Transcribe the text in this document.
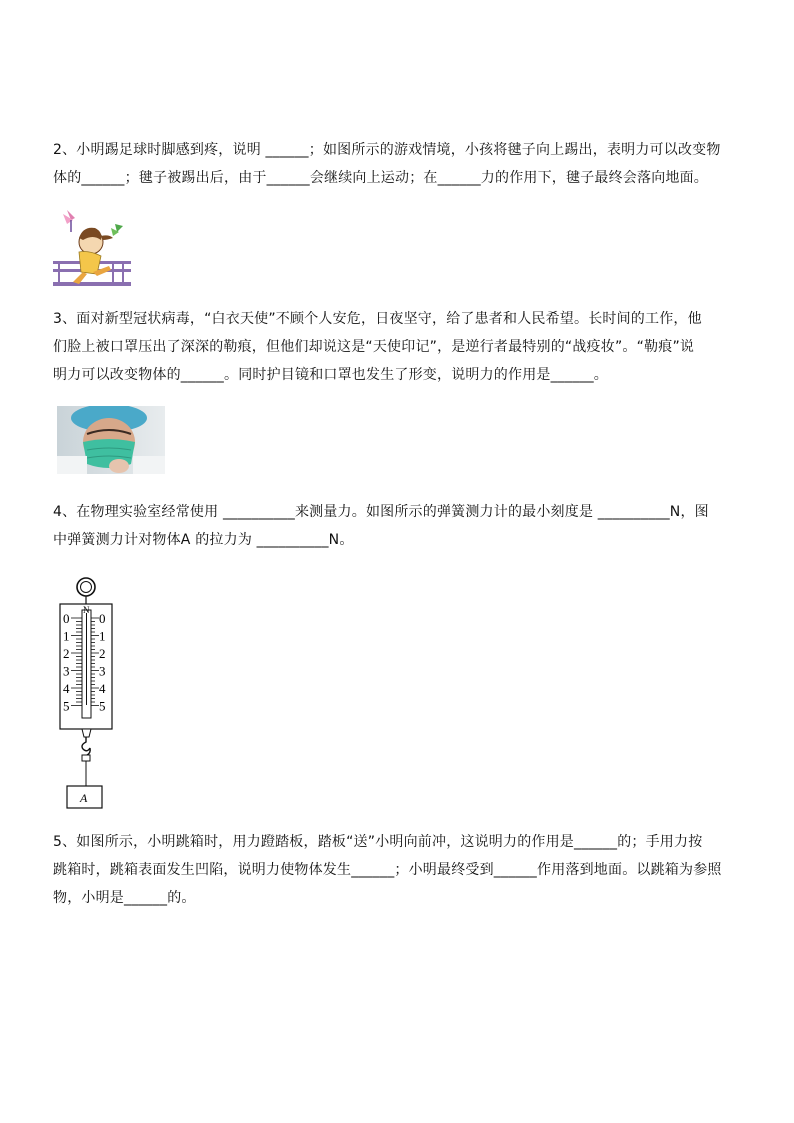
2、小明踢足球时脚感到疼，说明 ______；如图所示的游戏情境，小孩将毽子向上踢出，表明力可以改变物

体的______；毽子被踢出后，由于______会继续向上运动；在______力的作用下，毽子最终会落向地面。

3、面对新型冠状病毒，“白衣天使”不顾个人安危，日夜坚守，给了患者和人民希望。长时间的工作，他

们脸上被口罩压出了深深的勒痕，但他们却说这是“天使印记”，是逆行者最特别的“战疫妆”。“勒痕”说

明力可以改变物体的______。同时护目镜和口罩也发生了形变，说明力的作用是______。

4、在物理实验室经常使用 __________来测量力。如图所示的弹簧测力计的最小刻度是 __________N，图

中弹簧测力计对物体A 的拉力为 __________N。

N
0
1
2
3
4
5
0
1
2
3
4
5
A

5、如图所示，小明跳箱时，用力蹬踏板，踏板“送”小明向前冲，这说明力的作用是______的；手用力按

跳箱时，跳箱表面发生凹陷，说明力使物体发生______；小明最终受到______作用落到地面。以跳箱为参照

物，小明是______的。
